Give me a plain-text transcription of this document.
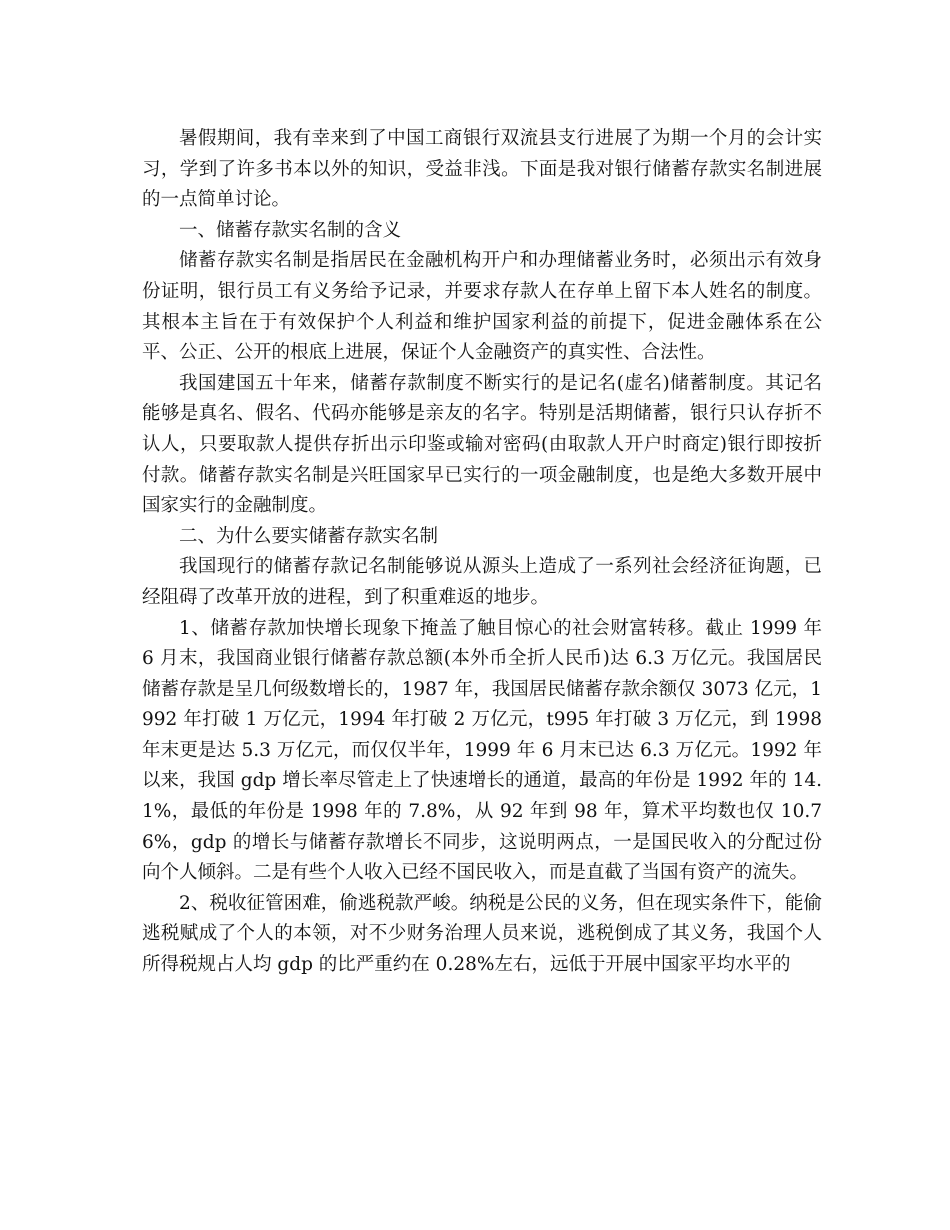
暑假期间，我有幸来到了中国工商银行双流县支行进展了为期一个月的会计实习，学到了许多书本以外的知识，受益非浅。下面是我对银行储蓄存款实名制进展的一点简单讨论。

一、储蓄存款实名制的含义

储蓄存款实名制是指居民在金融机构开户和办理储蓄业务时，必须出示有效身份证明，银行员工有义务给予记录，并要求存款人在存单上留下本人姓名的制度。其根本主旨在于有效保护个人利益和维护国家利益的前提下，促进金融体系在公平、公正、公开的根底上进展，保证个人金融资产的真实性、合法性。

我国建国五十年来，储蓄存款制度不断实行的是记名(虚名)储蓄制度。其记名能够是真名、假名、代码亦能够是亲友的名字。特别是活期储蓄，银行只认存折不认人，只要取款人提供存折出示印鉴或输对密码(由取款人开户时商定)银行即按折付款。储蓄存款实名制是兴旺国家早已实行的一项金融制度，也是绝大多数开展中国家实行的金融制度。

二、为什么要实储蓄存款实名制

我国现行的储蓄存款记名制能够说从源头上造成了一系列社会经济征询题，已经阻碍了改革开放的进程，到了积重难返的地步。

1、储蓄存款加快增长现象下掩盖了触目惊心的社会财富转移。截止 1999 年 6 月末，我国商业银行储蓄存款总额(本外币全折人民币)达 6.3 万亿元。我国居民储蓄存款是呈几何级数增长的，1987 年，我国居民储蓄存款余额仅 3073 亿元，1992 年打破 1 万亿元，1994 年打破 2 万亿元，t995 年打破 3 万亿元，到 1998 年末更是达 5.3 万亿元，而仅仅半年，1999 年 6 月末已达 6.3 万亿元。1992 年以来，我国 gdp 增长率尽管走上了快速增长的通道，最高的年份是 1992 年的 14.1%，最低的年份是 1998 年的 7.8%，从 92 年到 98 年，算术平均数也仅 10.76%，gdp 的增长与储蓄存款增长不同步，这说明两点，一是国民收入的分配过份向个人倾斜。二是有些个人收入已经不国民收入，而是直截了当国有资产的流失。

2、税收征管困难，偷逃税款严峻。纳税是公民的义务，但在现实条件下，能偷逃税赋成了个人的本领，对不少财务治理人员来说，逃税倒成了其义务，我国个人所得税规占人均 gdp 的比严重约在 0.28%左右，远低于开展中国家平均水平的
